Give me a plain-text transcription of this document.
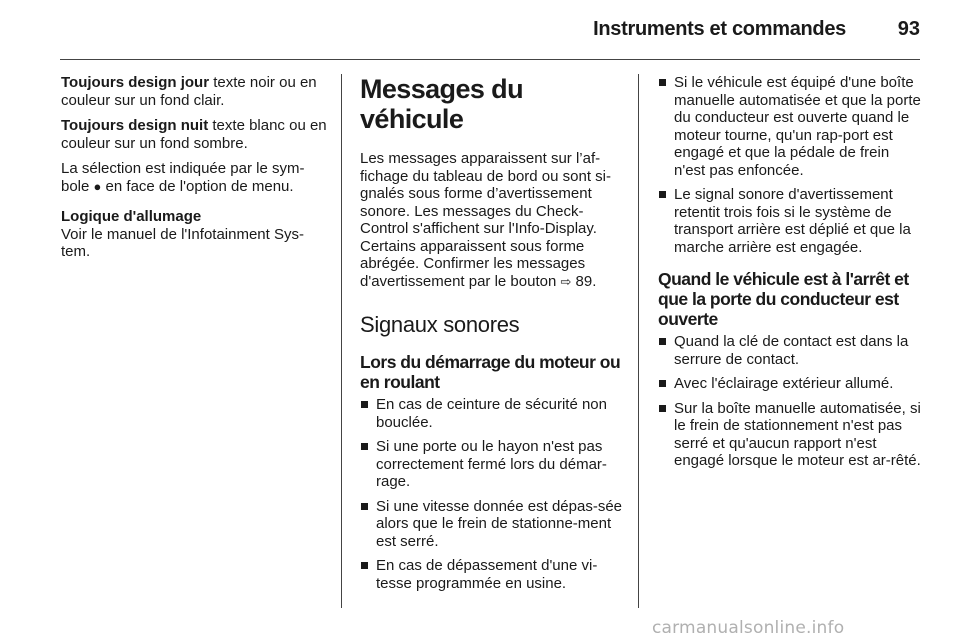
Instruments et commandes	93

Toujours design jour texte noir ou en couleur sur un fond clair.

Toujours design nuit texte blanc ou en couleur sur un fond sombre.

La sélection est indiquée par le sym-bole ● en face de l'option de menu.

Logique d'allumage
Voir le manuel de l'Infotainment Sys-tem.

Messages du véhicule

Les messages apparaissent sur l’af-fichage du tableau de bord ou sont si-gnalés sous forme d’avertissement sonore. Les messages du Check-Control s'affichent sur l'Info-Display. Certains apparaissent sous forme abrégée. Confirmer les messages d'avertissement par le bouton ⇨ 89.

Signaux sonores
Lors du démarrage du moteur ou en roulant
En cas de ceinture de sécurité non bouclée.
Si une porte ou le hayon n'est pas correctement fermé lors du démar-rage.
Si une vitesse donnée est dépas-sée alors que le frein de stationne-ment est serré.
En cas de dépassement d'une vi-tesse programmée en usine.
Si le véhicule est équipé d'une boîte manuelle automatisée et que la porte du conducteur est ouverte quand le moteur tourne, qu'un rap-port est engagé et que la pédale de frein n'est pas enfoncée.
Le signal sonore d'avertissement retentit trois fois si le système de transport arrière est déplié et que la marche arrière est engagée.
Quand le véhicule est à l'arrêt et que la porte du conducteur est ouverte
Quand la clé de contact est dans la serrure de contact.
Avec l'éclairage extérieur allumé.
Sur la boîte manuelle automatisée, si le frein de stationnement n'est pas serré et qu'aucun rapport n'est engagé lorsque le moteur est ar-rêté.
carmanualsonline.info
